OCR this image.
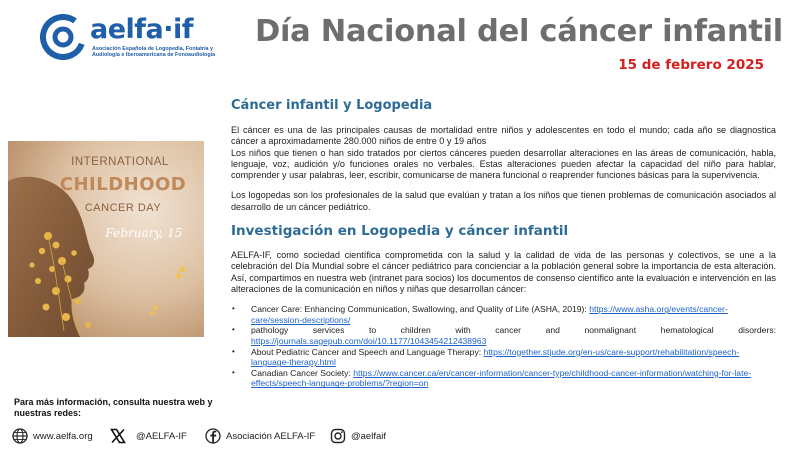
aelfa·if
Asociación Española de Logopedia, Foniatría y Audiología e Iberoamericana de Fonoaudiología
Día Nacional del cáncer infantil
15 de febrero 2025
INTERNATIONAL
CHILDHOOD
CANCER DAY
February, 15
Cáncer infantil y Logopedia
El cáncer es una de las principales causas de mortalidad entre niños y adolescentes en todo el mundo; cada año se diagnostica cáncer a aproximadamente 280.000 niños de entre 0 y 19 años
Los niños que tienen o han sido tratados por ciertos cánceres pueden desarrollar alteraciones en las áreas de comunicación, habla, lenguaje, voz, audición y/o funciones orales no verbales. Estas alteraciones pueden afectar la capacidad del niño para hablar, comprender y usar palabras, leer, escribir, comunicarse de manera funcional o reaprender funciones básicas para la supervivencia.
Los logopedas son los profesionales de la salud que evalúan y tratan a los niños que tienen problemas de comunicación asociados al desarrollo de un cáncer pediátrico.
Investigación en Logopedia y cáncer infantil
AELFA-IF, como sociedad científica comprometida con la salud y la calidad de vida de las personas y colectivos, se une a la celebración del Día Mundial sobre el cáncer pediátrico para concienciar a la población general sobre la importancia de esta alteración. Así, compartimos en nuestra web (intranet para socios) los documentos de consenso científico ante la evaluación e intervención en las alteraciones de la comunicación en niños y niñas que desarrollan cáncer:
• Cancer Care: Enhancing Communication, Swallowing, and Quality of Life (ASHA, 2019): https://www.asha.org/events/cancer-care/session-descriptions/
• pathology services to children with cancer and nonmalignant hematological disorders:
https://journals.sagepub.com/doi/10.1177/1043454212438963
• About Pediatric Cancer and Speech and Language Therapy: https://together.stjude.org/en-us/care-support/rehabilitation/speech-language-therapy.html
• Canadian Cancer Society: https://www.cancer.ca/en/cancer-information/cancer-type/childhood-cancer-information/watching-for-late-effects/speech-language-problems/?region=on
Para más información, consulta nuestra web y nuestras redes:
www.aelfa.org	@AELFA-IF	Asociación AELFA-IF	@aelfaif
